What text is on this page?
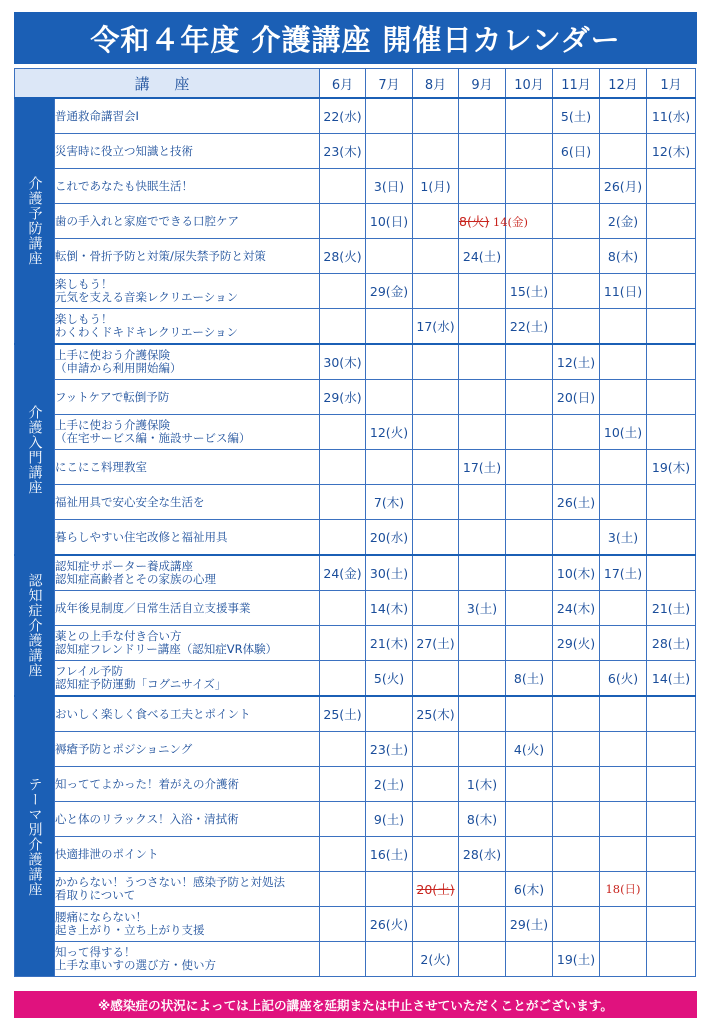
令和４年度 介護講座 開催日カレンダー
講 座		6月	7月	8月	9月	10月	11月	12月	1月
介護予防講座	普通救命講習会Ⅰ	22(水)					5(土)		11(水)

	災害時に役立つ知識と技術	23(木)					6(日)		12(木)

	これであなたも快眠生活！		3(日)	1(月)				26(月)	

	歯の手入れと家庭でできる口腔ケア		10(日)		8(火) 14(金)			2(金)	

	転倒・骨折予防と対策/尿失禁予防と対策	28(火)			24(土)			8(木)	

	楽しもう！
元気を支える音楽レクリエーション		29(金)			15(土)		11(日)	

	楽しもう！
わくわくドキドキレクリエーション			17(水)		22(土)			
介護入門講座	上手に使おう介護保険
（申請から利用開始編）	30(木)					12(土)		

	フットケアで転倒予防	29(水)					20(日)		

	上手に使おう介護保険
（在宅サービス編・施設サービス編）		12(火)					10(土)	

	にこにこ料理教室				17(土)				19(木)

	福祉用具で安心安全な生活を		7(木)				26(土)		

	暮らしやすい住宅改修と福祉用具		20(水)					3(土)	
認知症介護講座	認知症サポーター養成講座
認知症高齢者とその家族の心理	24(金)	30(土)				10(木)	17(土)	

	成年後見制度／日常生活自立支援事業		14(木)		3(土)		24(木)		21(土)

	薬との上手な付き合い方
認知症フレンドリー講座（認知症VR体験）		21(木)	27(土)			29(火)		28(土)

	フレイル予防
認知症予防運動「コグニサイズ」		5(火)			8(土)		6(火)	14(土)
テーマ別介護講座	おいしく楽しく食べる工夫とポイント	25(土)		25(木)					

	褥瘡予防とポジショニング		23(土)			4(火)			

	知っててよかった！着がえの介護術		2(土)		1(木)				

	心と体のリラックス！入浴・清拭術		9(土)		8(木)				

	快適排泄のポイント		16(土)		28(水)				

	かからない！うつさない！感染予防と対処法
看取りについて			20(土)		6(木)		18(日)	

	腰痛にならない！
起き上がり・立ち上がり支援		26(火)			29(土)			

	知って得する！
上手な車いすの選び方・使い方			2(火)			19(土)		
※感染症の状況によっては上記の講座を延期または中止させていただくことがございます。
